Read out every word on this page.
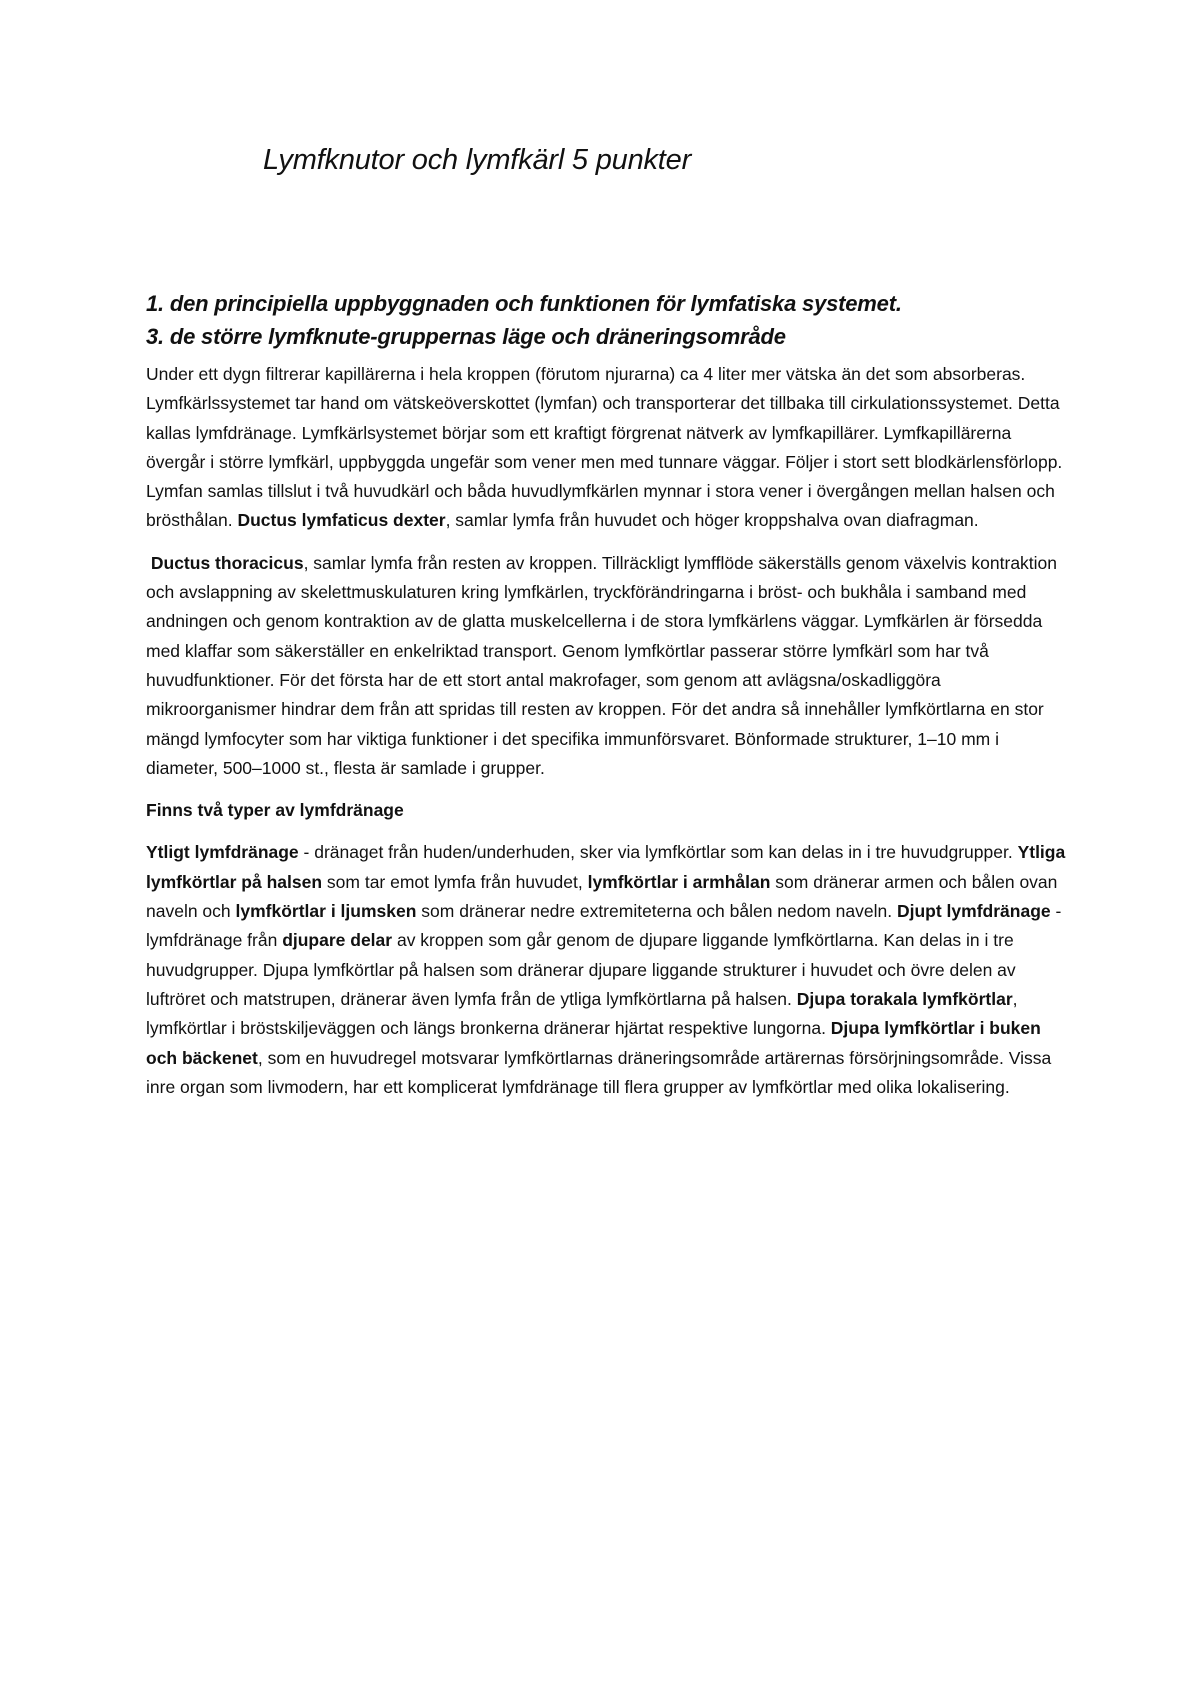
Lymfknutor och lymfkärl 5 punkter

1. den principiella uppbyggnaden och funktionen för lymfatiska systemet.

3. de större lymfknute-gruppernas läge och dräneringsområde

Under ett dygn filtrerar kapillärerna i hela kroppen (förutom njurarna) ca 4 liter mer vätska än det som absorberas. Lymfkärlssystemet tar hand om vätskeöverskottet (lymfan) och transporterar det tillbaka till cirkulationssystemet. Detta kallas lymfdränage. Lymfkärlsystemet börjar som ett kraftigt förgrenat nätverk av lymfkapillärer. Lymfkapillärerna övergår i större lymfkärl, uppbyggda ungefär som vener men med tunnare väggar. Följer i stort sett blodkärlensförlopp. Lymfan samlas tillslut i två huvudkärl och båda huvudlymfkärlen mynnar i stora vener i övergången mellan halsen och brösthålan. Ductus lymfaticus dexter, samlar lymfa från huvudet och höger kroppshalva ovan diafragman.

Ductus thoracicus, samlar lymfa från resten av kroppen. Tillräckligt lymfflöde säkerställs genom växelvis kontraktion och avslappning av skelettmuskulaturen kring lymfkärlen, tryckförändringarna i bröst- och bukhåla i samband med andningen och genom kontraktion av de glatta muskelcellerna i de stora lymfkärlens väggar. Lymfkärlen är försedda med klaffar som säkerställer en enkelriktad transport. Genom lymfkörtlar passerar större lymfkärl som har två huvudfunktioner. För det första har de ett stort antal makrofager, som genom att avlägsna/oskadliggöra mikroorganismer hindrar dem från att spridas till resten av kroppen. För det andra så innehåller lymfkörtlarna en stor mängd lymfocyter som har viktiga funktioner i det specifika immunförsvaret. Bönformade strukturer, 1–10 mm i diameter, 500–1000 st., flesta är samlade i grupper.

Finns två typer av lymfdränage

Ytligt lymfdränage - dränaget från huden/underhuden, sker via lymfkörtlar som kan delas in i tre huvudgrupper. Ytliga lymfkörtlar på halsen som tar emot lymfa från huvudet, lymfkörtlar i armhålan som dränerar armen och bålen ovan naveln och lymfkörtlar i ljumsken som dränerar nedre extremiteterna och bålen nedom naveln. Djupt lymfdränage - lymfdränage från djupare delar av kroppen som går genom de djupare liggande lymfkörtlarna. Kan delas in i tre huvudgrupper. Djupa lymfkörtlar på halsen som dränerar djupare liggande strukturer i huvudet och övre delen av luftröret och matstrupen, dränerar även lymfa från de ytliga lymfkörtlarna på halsen. Djupa torakala lymfkörtlar, lymfkörtlar i bröstskiljeväggen och längs bronkerna dränerar hjärtat respektive lungorna. Djupa lymfkörtlar i buken och bäckenet, som en huvudregel motsvarar lymfkörtlarnas dräneringsområde artärernas försörjningsområde. Vissa inre organ som livmodern, har ett komplicerat lymfdränage till flera grupper av lymfkörtlar med olika lokalisering.
